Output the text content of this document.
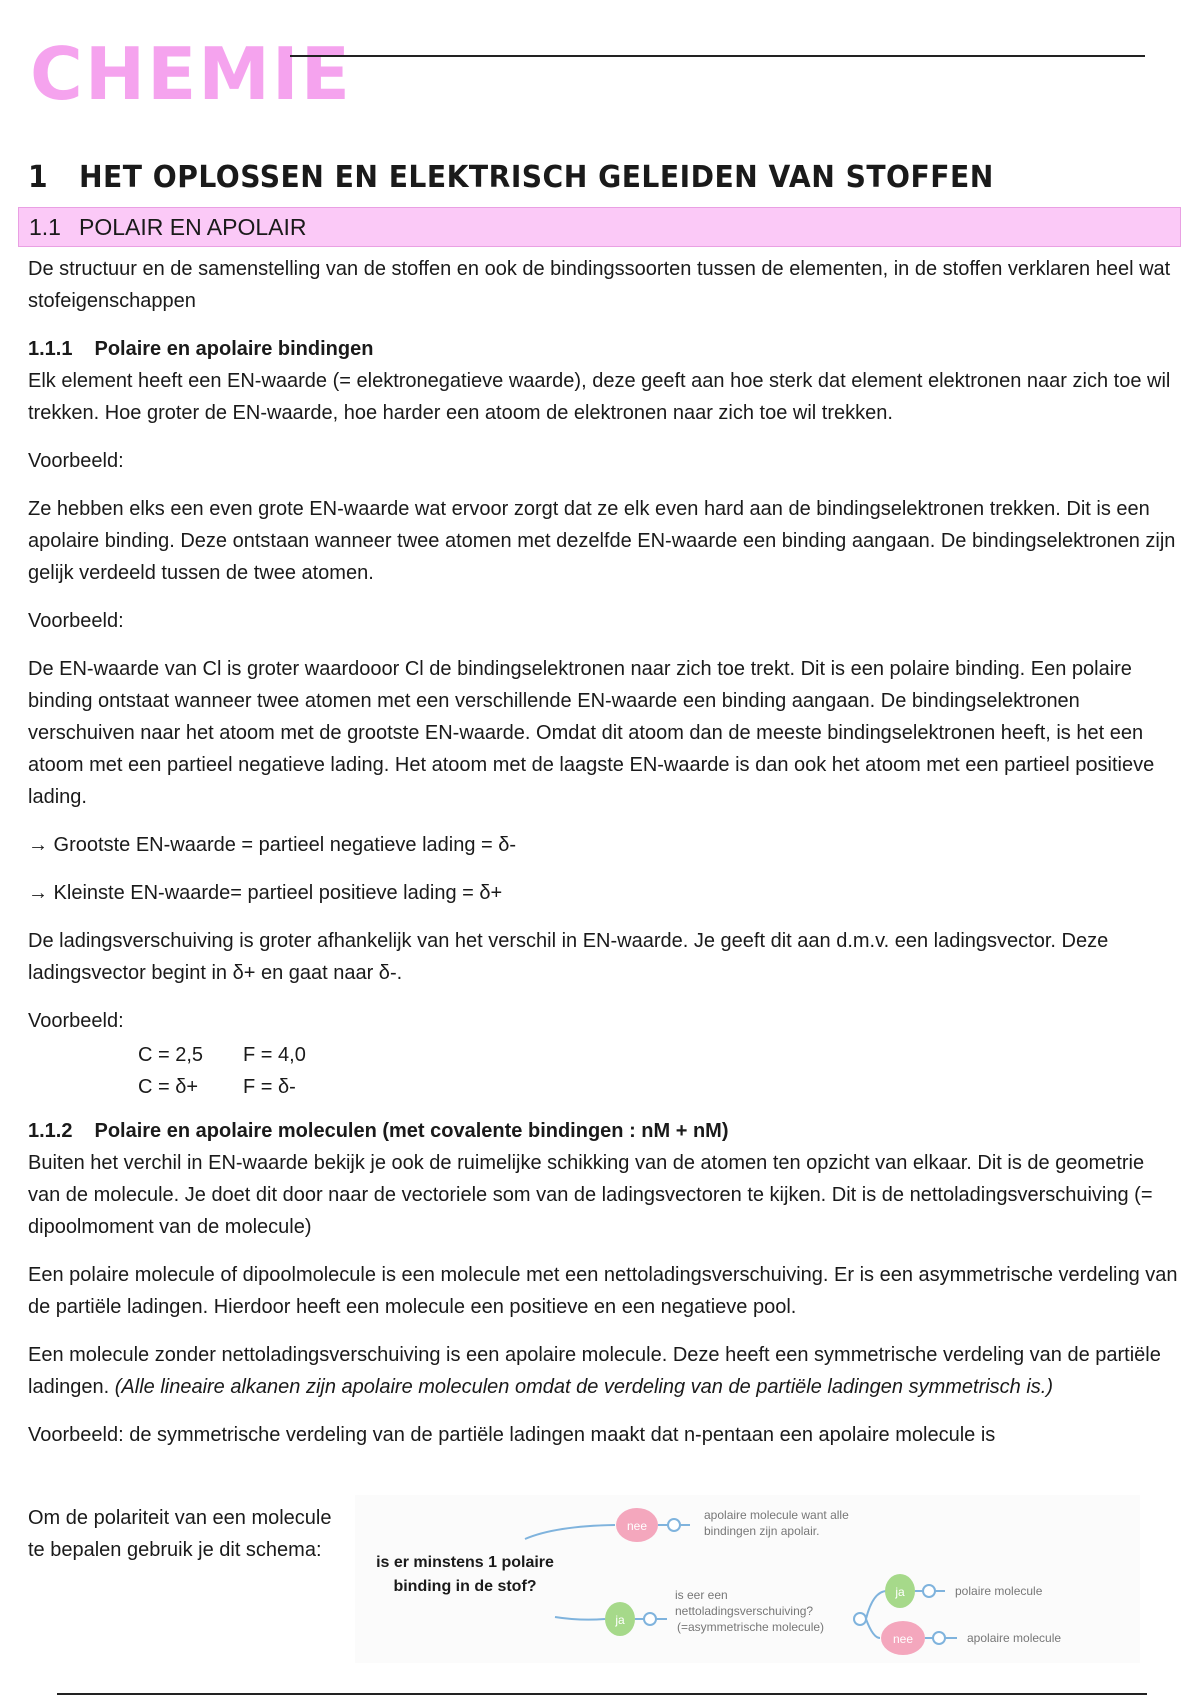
CHEMIE
1 HET OPLOSSEN EN ELEKTRISCH GELEIDEN VAN STOFFEN
1.1 POLAIR EN APOLAIR

De structuur en de samenstelling van de stoffen en ook de bindingssoorten tussen de elementen, in de stoffen verklaren heel wat stofeigenschappen

1.1.1 Polaire en apolaire bindingen

Elk element heeft een EN-waarde (= elektronegatieve waarde), deze geeft aan hoe sterk dat element elektronen naar zich toe wil trekken. Hoe groter de EN-waarde, hoe harder een atoom de elektronen naar zich toe wil trekken.

Voorbeeld:

Ze hebben elks een even grote EN-waarde wat ervoor zorgt dat ze elk even hard aan de bindingselektronen trekken. Dit is een apolaire binding. Deze ontstaan wanneer twee atomen met dezelfde EN-waarde een binding aangaan. De bindingselektronen zijn gelijk verdeeld tussen de twee atomen.

Voorbeeld:

De EN-waarde van Cl is groter waardooor Cl de bindingselektronen naar zich toe trekt. Dit is een polaire binding. Een polaire binding ontstaat wanneer twee atomen met een verschillende EN-waarde een binding aangaan. De bindingselektronen verschuiven naar het atoom met de grootste EN-waarde. Omdat dit atoom dan de meeste bindingselektronen heeft, is het een atoom met een partieel negatieve lading. Het atoom met de laagste EN-waarde is dan ook het atoom met een partieel positieve lading.

→ Grootste EN-waarde = partieel negatieve lading = δ-

→ Kleinste EN-waarde= partieel positieve lading = δ+

De ladingsverschuiving is groter afhankelijk van het verschil in EN-waarde. Je geeft dit aan d.m.v. een ladingsvector. Deze ladingsvector begint in δ+ en gaat naar δ-.

Voorbeeld:

C = 2,5	F = 4,0
C = δ+	F = δ-

1.1.2 Polaire en apolaire moleculen (met covalente bindingen : nM + nM)

Buiten het verchil in EN-waarde bekijk je ook de ruimelijke schikking van de atomen ten opzicht van elkaar. Dit is de geometrie van de molecule. Je doet dit door naar de vectoriele som van de ladingsvectoren te kijken. Dit is de nettoladingsverschuiving (= dipoolmoment van de molecule)

Een polaire molecule of dipoolmolecule is een molecule met een nettoladingsverschuiving. Er is een asymmetrische verdeling van de partiële ladingen. Hierdoor heeft een molecule een positieve en een negatieve pool.

Een molecule zonder nettoladingsverschuiving is een apolaire molecule. Deze heeft een symmetrische verdeling van de partiële ladingen. (Alle lineaire alkanen zijn apolaire moleculen omdat de verdeling van de partiële ladingen symmetrisch is.)

Voorbeeld: de symmetrische verdeling van de partiële ladingen maakt dat n-pentaan een apolaire molecule is

Om de polariteit van een molecule te bepalen gebruik je dit schema:

is er minstens 1 polaire
binding in de stof?
nee
apolaire molecule want alle
bindingen zijn apolair.
ja
is eer een
nettoladingsverschuiving?
(=asymmetrische molecule)
ja	polaire molecule
nee	apolaire molecule
